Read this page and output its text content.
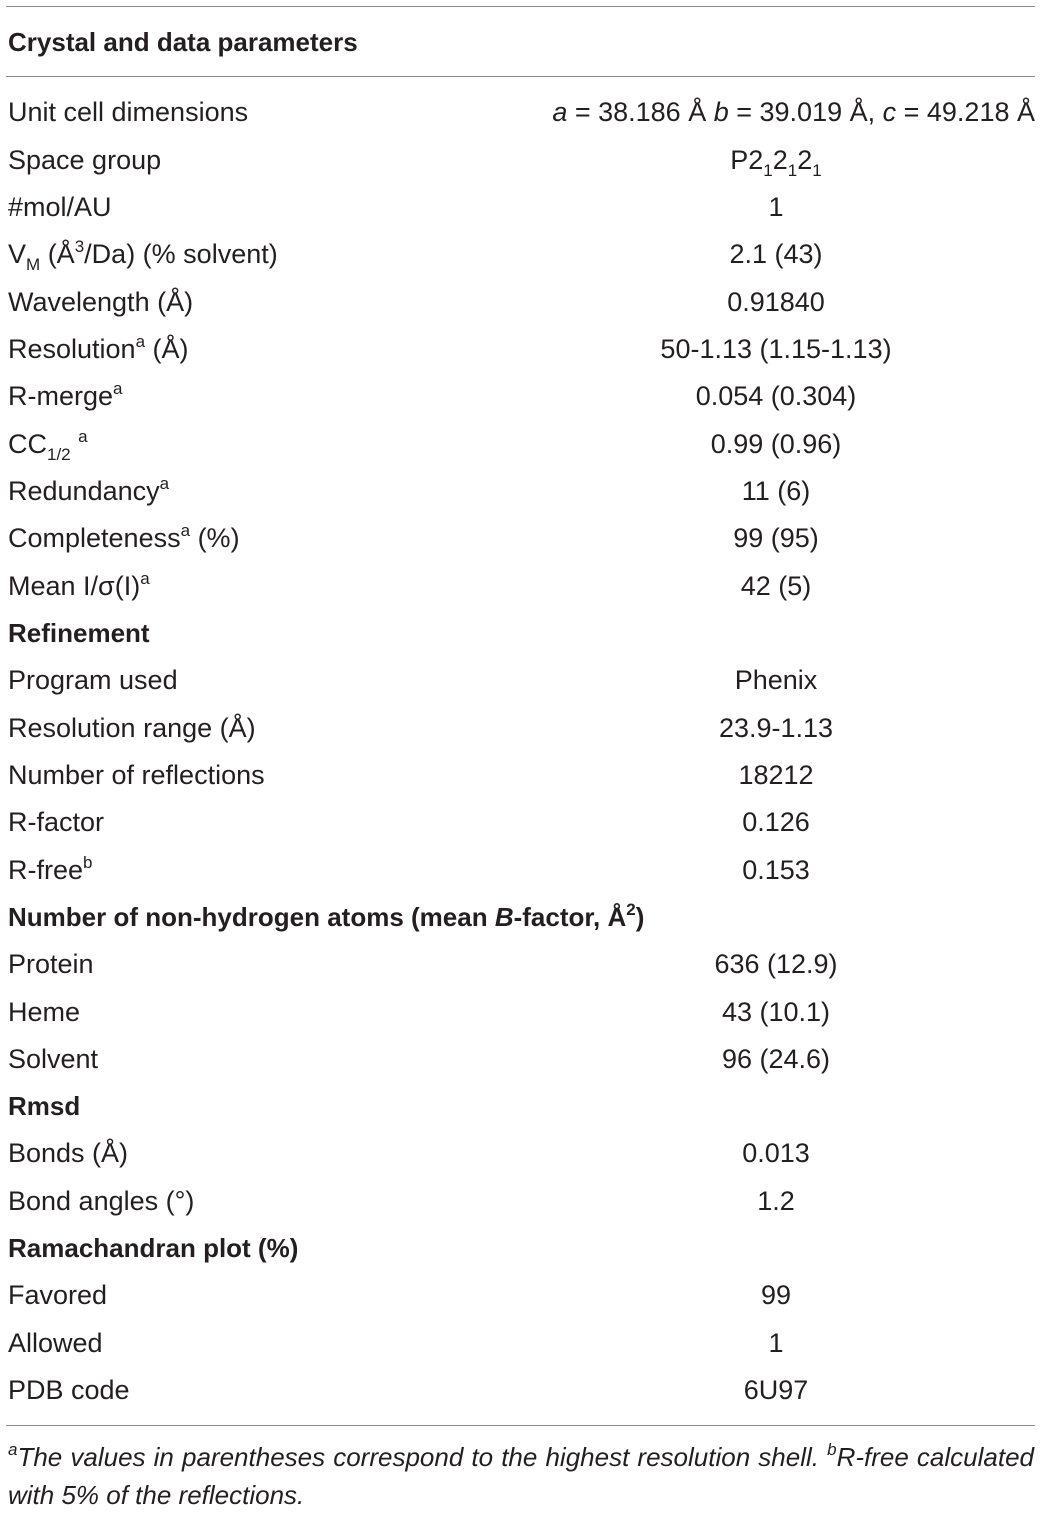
Crystal and data parameters
Unit cell dimensions	a = 38.186 Å b = 39.019 Å, c = 49.218 Å
Space group	$P2_12_12_1$
#mol/AU	1
$V_M$ $(Å^3/Da)$ (% solvent)	2.1 (43)
Wavelength (Å)	0.91840
Resolution$^a$ (Å)	50-1.13 (1.15-1.13)
R-merge$^a$	0.054 (0.304)
$CC_{1/2}$ $^a$	0.99 (0.96)
Redundancy$^a$	11 (6)
Completeness$^a$ (%)	99 (95)
Mean $I/\sigma(I)^a$	42 (5)
Refinement
Program used	Phenix
Resolution range (Å)	23.9-1.13
Number of reflections	18212
R-factor	0.126
R-free$^b$	0.153
Number of non-hydrogen atoms (mean B-factor, $Å^2$)
Protein	636 (12.9)
Heme	43 (10.1)
Solvent	96 (24.6)
Rmsd
Bonds (Å)	0.013
Bond angles (°)	1.2
Ramachandran plot (%)
Favored	99
Allowed	1
PDB code	6U97
$^a$The values in parentheses correspond to the highest resolution shell. $^b$R-free calculated with 5% of the reflections.
